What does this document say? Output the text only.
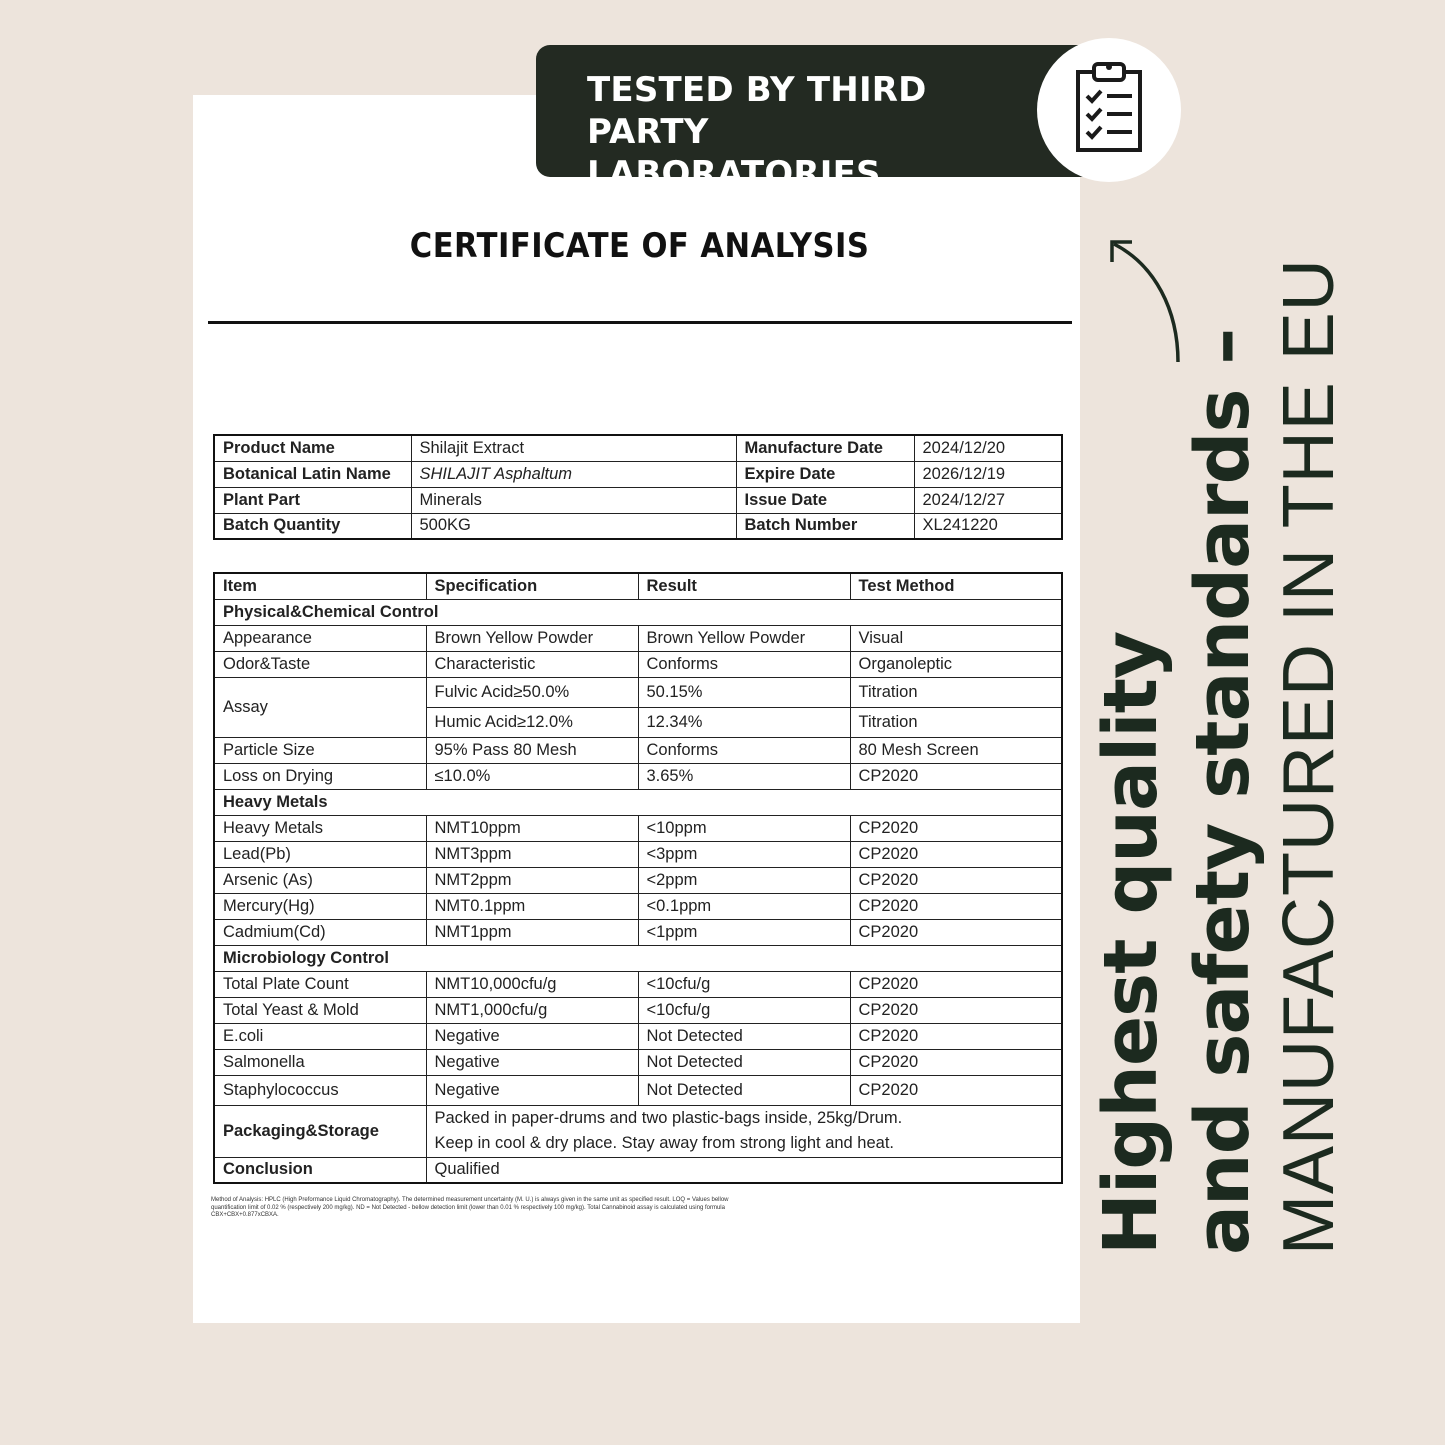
TESTED BY THIRD PARTY
LABORATORIES
CERTIFICATE OF ANALYSIS
Product Name	Shilajit Extract	Manufacture Date	2024/12/20
Botanical Latin Name	SHILAJIT Asphaltum	Expire Date	2026/12/19
Plant Part	Minerals	Issue Date	2024/12/27
Batch Quantity	500KG	Batch Number	XL241220
Item	Specification	Result	Test Method
Physical&Chemical Control			
Appearance	Brown Yellow Powder	Brown Yellow Powder	Visual
Odor&Taste	Characteristic	Conforms	Organoleptic
Assay	Fulvic Acid≥50.0%	50.15%	Titration
	Humic Acid≥12.0%	12.34%	Titration
Particle Size	95% Pass 80 Mesh	Conforms	80 Mesh Screen
Loss on Drying	≤10.0%	3.65%	CP2020
Heavy Metals			
Heavy Metals	NMT10ppm	<10ppm	CP2020
Lead(Pb)	NMT3ppm	<3ppm	CP2020
Arsenic (As)	NMT2ppm	<2ppm	CP2020
Mercury(Hg)	NMT0.1ppm	<0.1ppm	CP2020
Cadmium(Cd)	NMT1ppm	<1ppm	CP2020
Microbiology Control			
Total Plate Count	NMT10,000cfu/g	<10cfu/g	CP2020
Total Yeast & Mold	NMT1,000cfu/g	<10cfu/g	CP2020
E.coli	Negative	Not Detected	CP2020
Salmonella	Negative	Not Detected	CP2020
Staphylococcus	Negative	Not Detected	CP2020
Packaging&Storage	Packed in paper-drums and two plastic-bags inside, 25kg/Drum.
Keep in cool & dry place. Stay away from strong light and heat.		

Conclusion	Qualified		
Method of Analysis: HPLC (High Preformance Liquid Chromatography). The determined measurement uncertainty (M. U.) is always given in the same unit as specified result. LOQ = Values bellow quantification limit of 0.02 % (respectively 200 mg/kg). ND = Not Detected - bellow detection limit (lower than 0.01 % respectively 100 mg/kg). Total Cannabinoid assay is calculated using formula CBX+CBX+0.877xCBXA.	Highest quality and safety standards – MANUFACTURED IN THE EU
